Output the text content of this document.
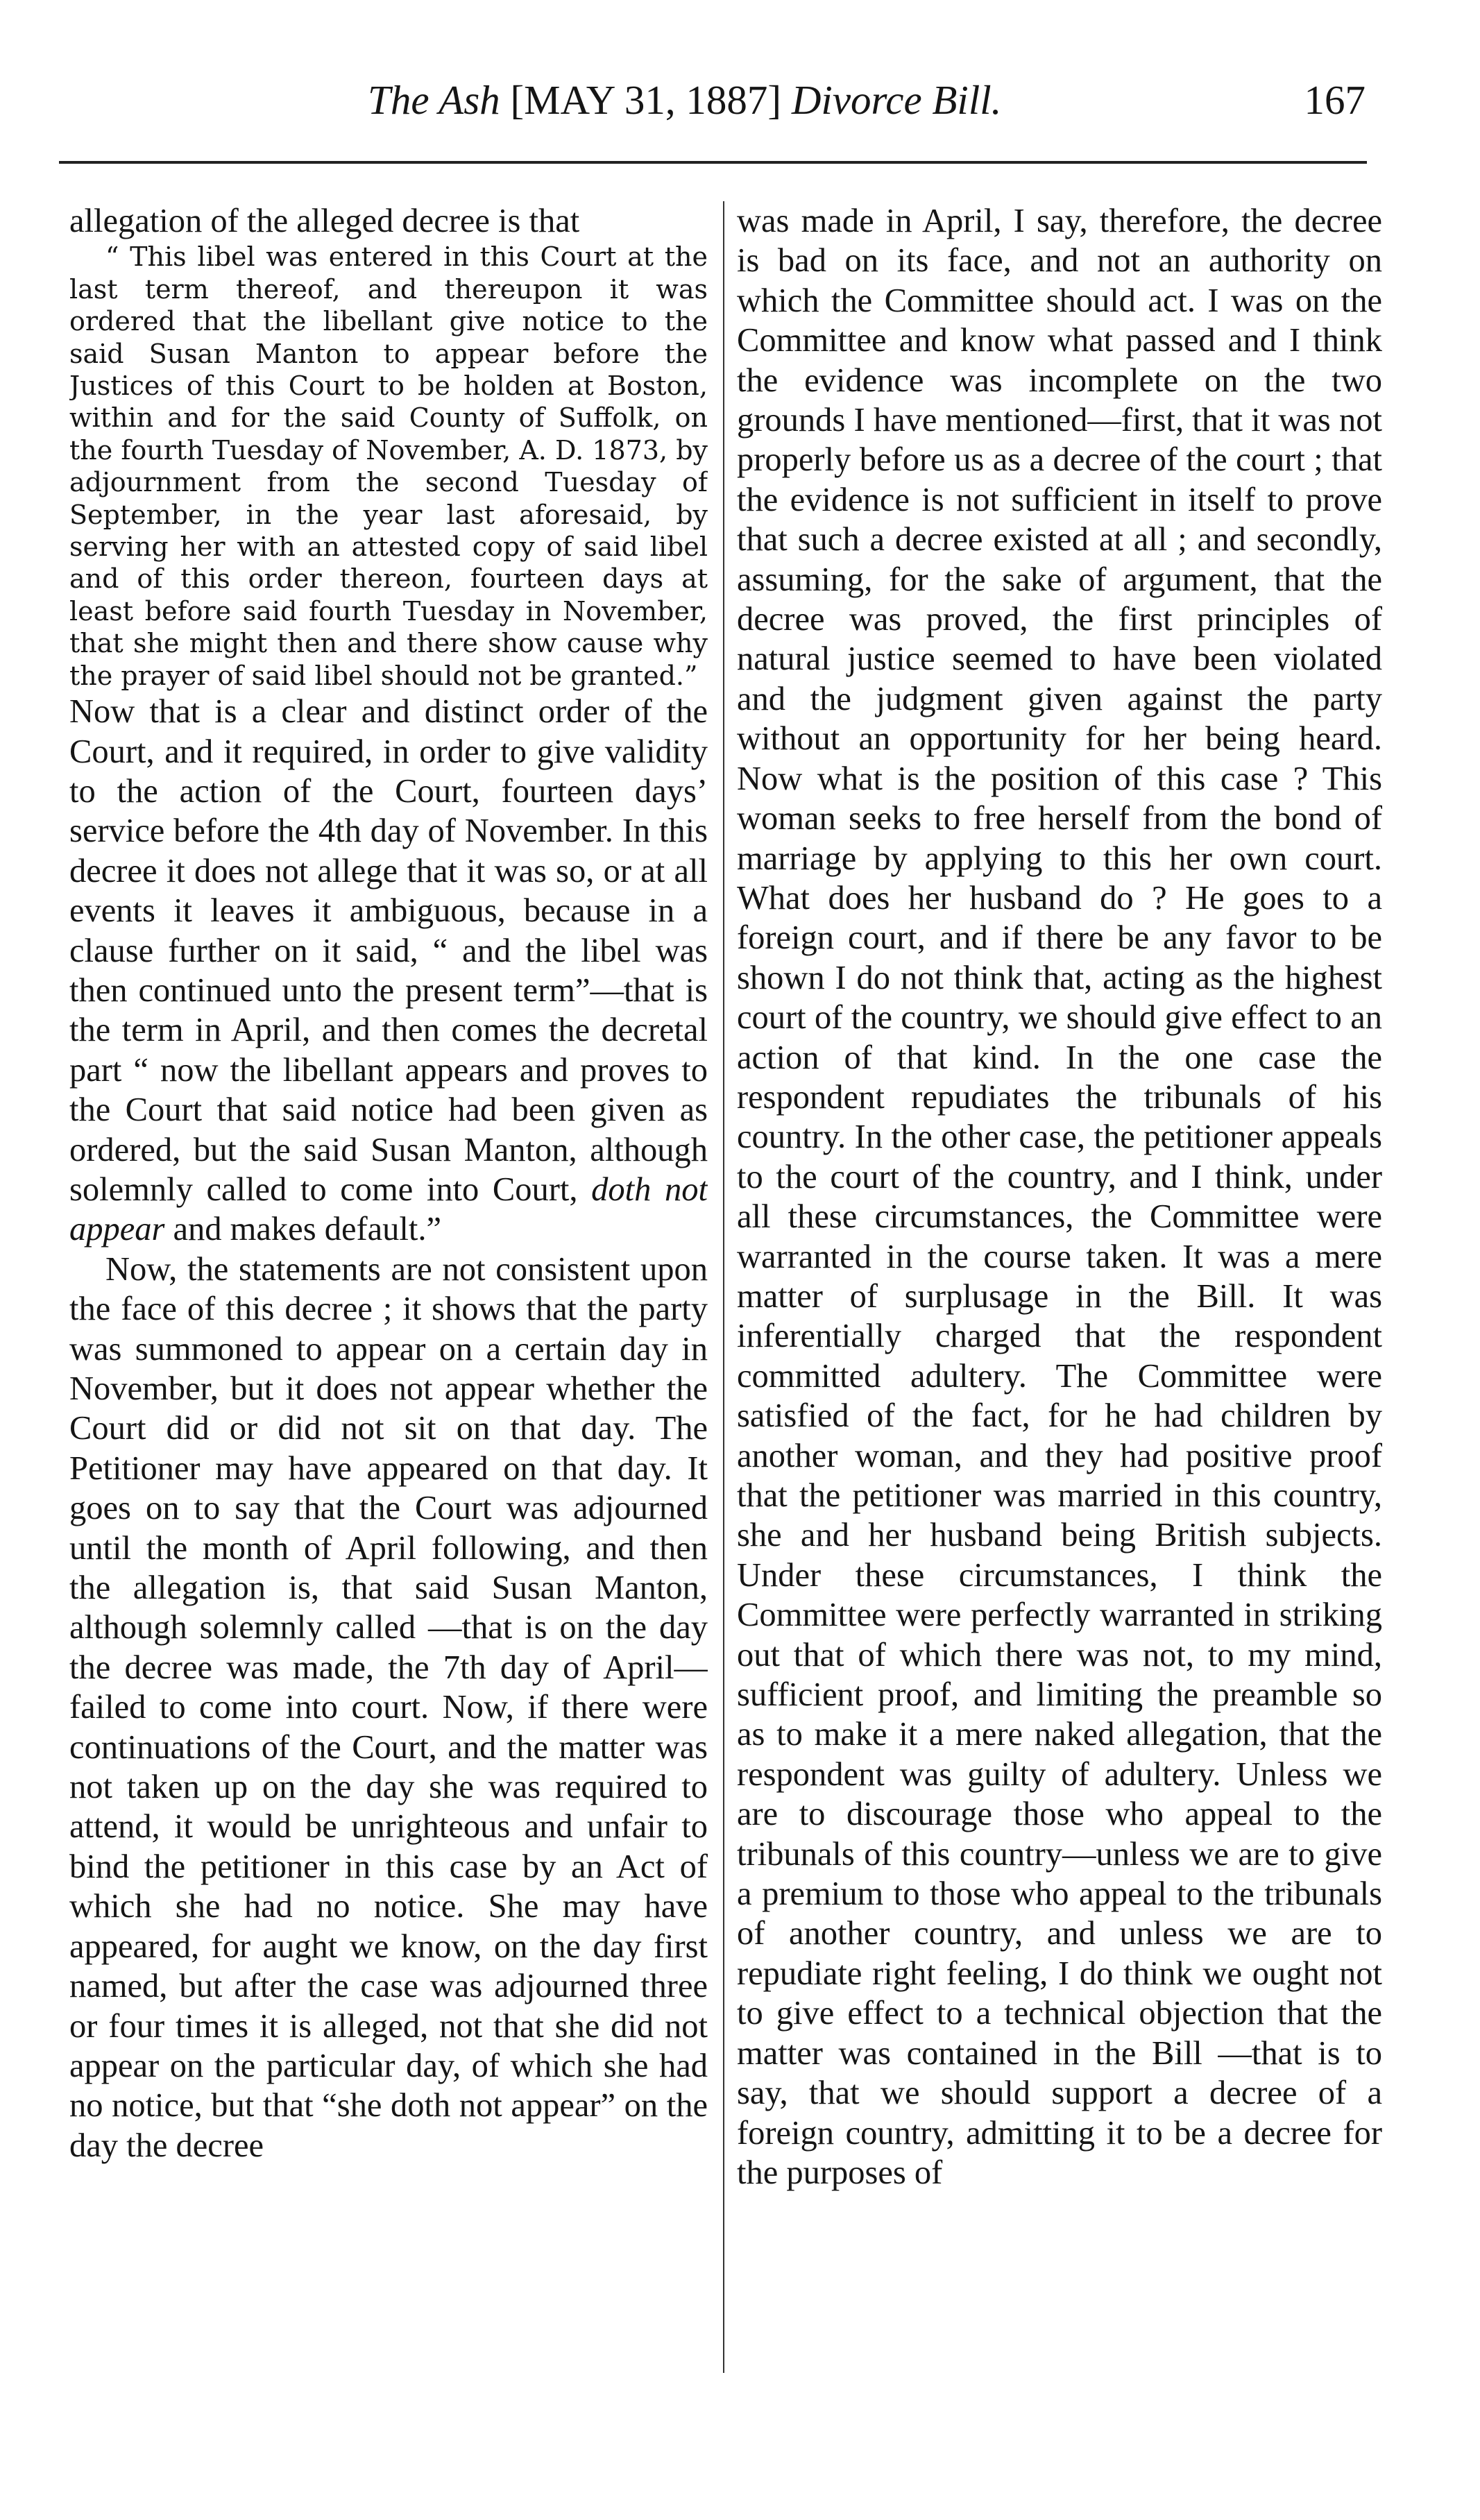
The Ash [MAY 31, 1887] Divorce Bill.	167

allegation of the alleged decree is that

“ This libel was entered in this Court at the last term thereof, and thereupon it was ordered that the libellant give notice to the said Susan Manton to appear before the Justices of this Court to be holden at Boston, within and for the said County of Suffolk, on the fourth Tuesday of November, A. D. 1873, by adjournment from the second Tuesday of September, in the year last aforesaid, by serving her with an attested copy of said libel and of this order thereon, fourteen days at least before said fourth Tuesday in November, that she might then and there show cause why the prayer of said libel should not be granted.”

Now that is a clear and distinct order of the Court, and it required, in order to give validity to the action of the Court, fourteen days’ service before the 4th day of November. In this decree it does not allege that it was so, or at all events it leaves it ambiguous, because in a clause further on it said, “ and the libel was then continued unto the present term”—that is the term in April, and then comes the decretal part “ now the libellant appears and proves to the Court that said notice had been given as ordered, but the said Susan Manton, although solemnly called to come into Court, doth not appear and makes default.”

Now, the statements are not consistent upon the face of this decree ; it shows that the party was summoned to appear on a certain day in November, but it does not appear whether the Court did or did not sit on that day. The Petitioner may have appeared on that day. It goes on to say that the Court was adjourned until the month of April following, and then the allegation is, that said Susan Manton, although solemnly called —that is on the day the decree was made, the 7th day of April—failed to come into court. Now, if there were continuations of the Court, and the matter was not taken up on the day she was required to attend, it would be unrighteous and unfair to bind the petitioner in this case by an Act of which she had no notice. She may have appeared, for aught we know, on the day first named, but after the case was adjourned three or four times it is alleged, not that she did not appear on the particular day, of which she had no notice, but that “she doth not appear” on the day the decree

was made in April, I say, therefore, the decree is bad on its face, and not an authority on which the Committee should act. I was on the Committee and know what passed and I think the evidence was incomplete on the two grounds I have mentioned—first, that it was not properly before us as a decree of the court ; that the evidence is not sufficient in itself to prove that such a decree existed at all ; and secondly, assuming, for the sake of argument, that the decree was proved, the first principles of natural justice seemed to have been violated and the judgment given against the party without an opportunity for her being heard. Now what is the position of this case ? This woman seeks to free herself from the bond of marriage by applying to this her own court. What does her husband do ? He goes to a foreign court, and if there be any favor to be shown I do not think that, acting as the highest court of the country, we should give effect to an action of that kind. In the one case the respondent repudiates the tribunals of his country. In the other case, the petitioner appeals to the court of the country, and I think, under all these circumstances, the Committee were warranted in the course taken. It was a mere matter of surplusage in the Bill. It was inferentially charged that the respondent committed adultery. The Committee were satisfied of the fact, for he had children by another woman, and they had positive proof that the petitioner was married in this country, she and her husband being British subjects. Under these circumstances, I think the Committee were perfectly warranted in striking out that of which there was not, to my mind, sufficient proof, and limiting the preamble so as to make it a mere naked allegation, that the respondent was guilty of adultery. Unless we are to discourage those who appeal to the tribunals of this country—unless we are to give a premium to those who appeal to the tribunals of another country, and unless we are to repudiate right feeling, I do think we ought not to give effect to a technical objection that the matter was contained in the Bill —that is to say, that we should support a decree of a foreign country, admitting it to be a decree for the purposes of
